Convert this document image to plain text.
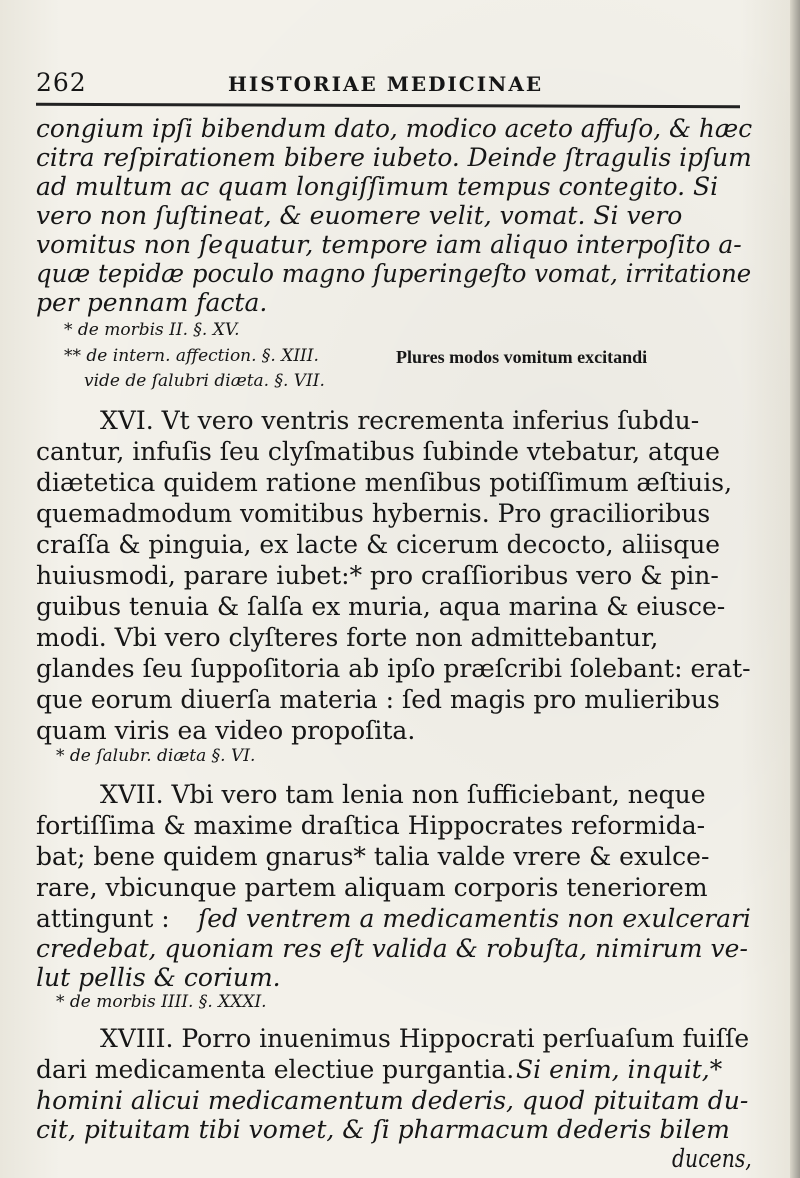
262	HISTORIAE MEDICINAE
congium ipſi bibendum dato, modico aceto affuſo, & hæc
citra reſpirationem bibere iubeto. Deinde ſtragulis ipſum
ad multum ac quam longiſſimum tempus contegito. Si
vero non ſuſtineat, & euomere velit, vomat. Si vero
vomitus non ſequatur, tempore iam aliquo interpoſito a-
quæ tepidæ poculo magno ſuperingeſto vomat, irritatione
per pennam facta.
* de morbis II. §. XV.
** de intern. affection. §. XIII.	Plures modos vomitum excitandi
vide de ſalubri diæta. §. VII.
XVI. Vt vero ventris recrementa inferius ſubdu-
cantur, infuſis ſeu clyſmatibus ſubinde vtebatur, atque
diætetica quidem ratione menſibus potiſſimum æſtiuis,
quemadmodum vomitibus hybernis. Pro gracilioribus
craſſa & pinguia, ex lacte & cicerum decocto, aliisque
huiusmodi, parare iubet:* pro craſſioribus vero & pin-
guibus tenuia & ſalſa ex muria, aqua marina & eiusce-
modi. Vbi vero clyſteres forte non admittebantur,
glandes ſeu ſuppoſitoria ab ipſo præſcribi ſolebant: erat-
que eorum diuerſa materia : ſed magis pro mulieribus
quam viris ea video propoſita.
* de ſalubr. diæta §. VI.
XVII. Vbi vero tam lenia non ſufficiebant, neque
fortiſſima & maxime draſtica Hippocrates reformida-
bat; bene quidem gnarus* talia valde vrere & exulce-
rare, vbicunque partem aliquam corporis teneriorem
attingunt : ſed ventrem a medicamentis non exulcerari
credebat, quoniam res eſt valida & robuſta, nimirum ve-
lut pellis & corium.
* de morbis IIII. §. XXXI.
XVIII. Porro inuenimus Hippocrati perſuaſum fuiſſe
dari medicamenta electiue purgantia. Si enim, inquit,*
homini alicui medicamentum dederis, quod pituitam du-
cit, pituitam tibi vomet, & ſi pharmacum dederis bilem
ducens,
